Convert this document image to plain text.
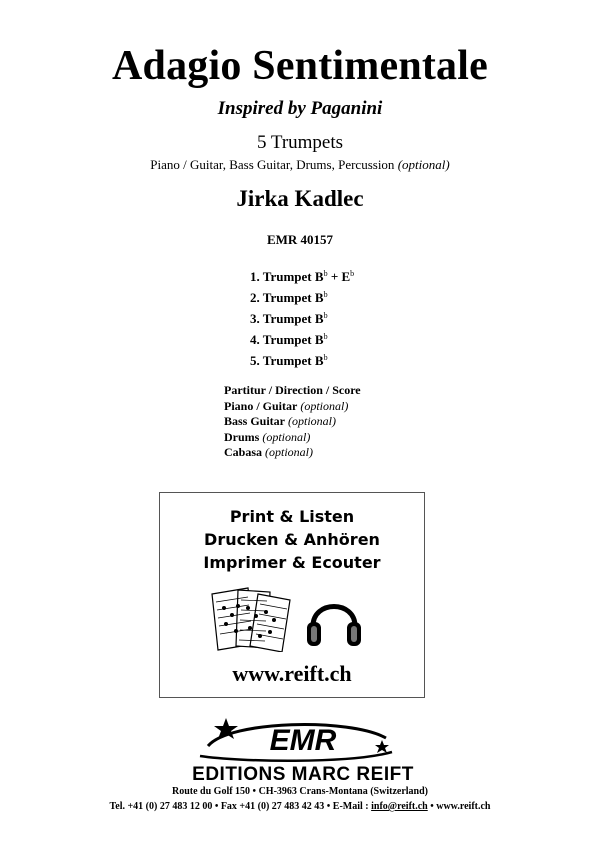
Adagio Sentimentale
Inspired by Paganini
5 Trumpets
Piano / Guitar, Bass Guitar, Drums, Percussion (optional)
Jirka Kadlec
EMR 40157
1. Trumpet $B^b + E^b$
2. Trumpet $B^b$
3. Trumpet $B^b$
4. Trumpet $B^b$
5. Trumpet $B^b$
Partitur / Direction / Score
Piano / Guitar (optional)
Bass Guitar (optional)
Drums (optional)
Cabasa (optional)
Print & Listen
Drucken & Anhören
Imprimer & Ecouter
www.reift.ch
EMR
EDITIONS MARC REIFT
Route du Golf 150 • CH-3963 Crans-Montana (Switzerland)
Tel. +41 (0) 27 483 12 00 • Fax +41 (0) 27 483 42 43 • E-Mail : info@reift.ch • www.reift.ch
